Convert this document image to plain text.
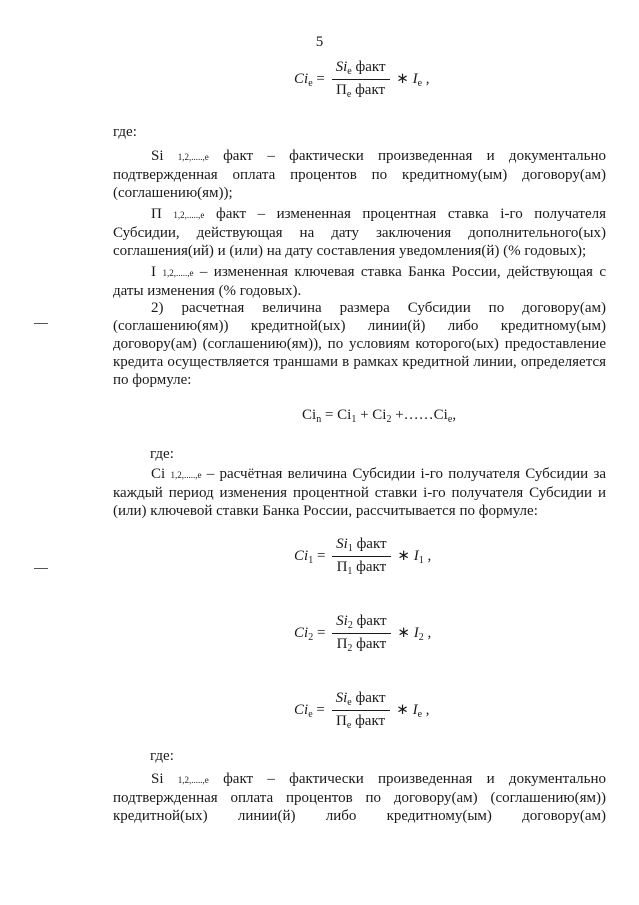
5
$Ci_e = \frac{Si_e факт}{П_e факт}$ ∗ $I_e$ ,
где:

Si 1,2,.....,e факт – фактически произведенная и документально подтвержденная оплата процентов по кредитному(ым) договору(ам) (соглашению(ям));

П 1,2,.....,e факт – измененная процентная ставка i-го получателя Субсидии, действующая на дату заключения дополнительного(ых) соглашения(ий) и (или) на дату составления уведомления(й) (% годовых);

I 1,2,.....,e – измененная ключевая ставка Банка России, действующая с даты изменения (% годовых).

2) расчетная величина размера Субсидии по договору(ам) (соглашению(ям)) кредитной(ых) линии(й) либо кредитному(ым) договору(ам) (соглашению(ям)), по условиям которого(ых) предоставление кредита осуществляется траншами в рамках кредитной линии, определяется по формуле:

$Ci_n = Ci_1 + Ci_2$ $+\dots\dots Ci_e$,
где:

Ci 1,2,.....,e – расчётная величина Субсидии i-го получателя Субсидии за каждый период изменения процентной ставки i-го получателя Субсидии и (или) ключевой ставки Банка России, рассчитывается по формуле:

$Ci_1 = \frac{Si_1 факт}{П_1 факт}$ ∗ $I_1$ ,
$Ci_2 = \frac{Si_2 факт}{П_2 факт}$ ∗ $I_2$ ,
$Ci_e = \frac{Si_e факт}{П_e факт}$ ∗ $I_e$ ,
где:

Si 1,2,.....,e факт – фактически произведенная и документально подтвержденная оплата процентов по договору(ам) (соглашению(ям)) кредитной(ых) линии(й) либо кредитному(ым) договору(ам)
